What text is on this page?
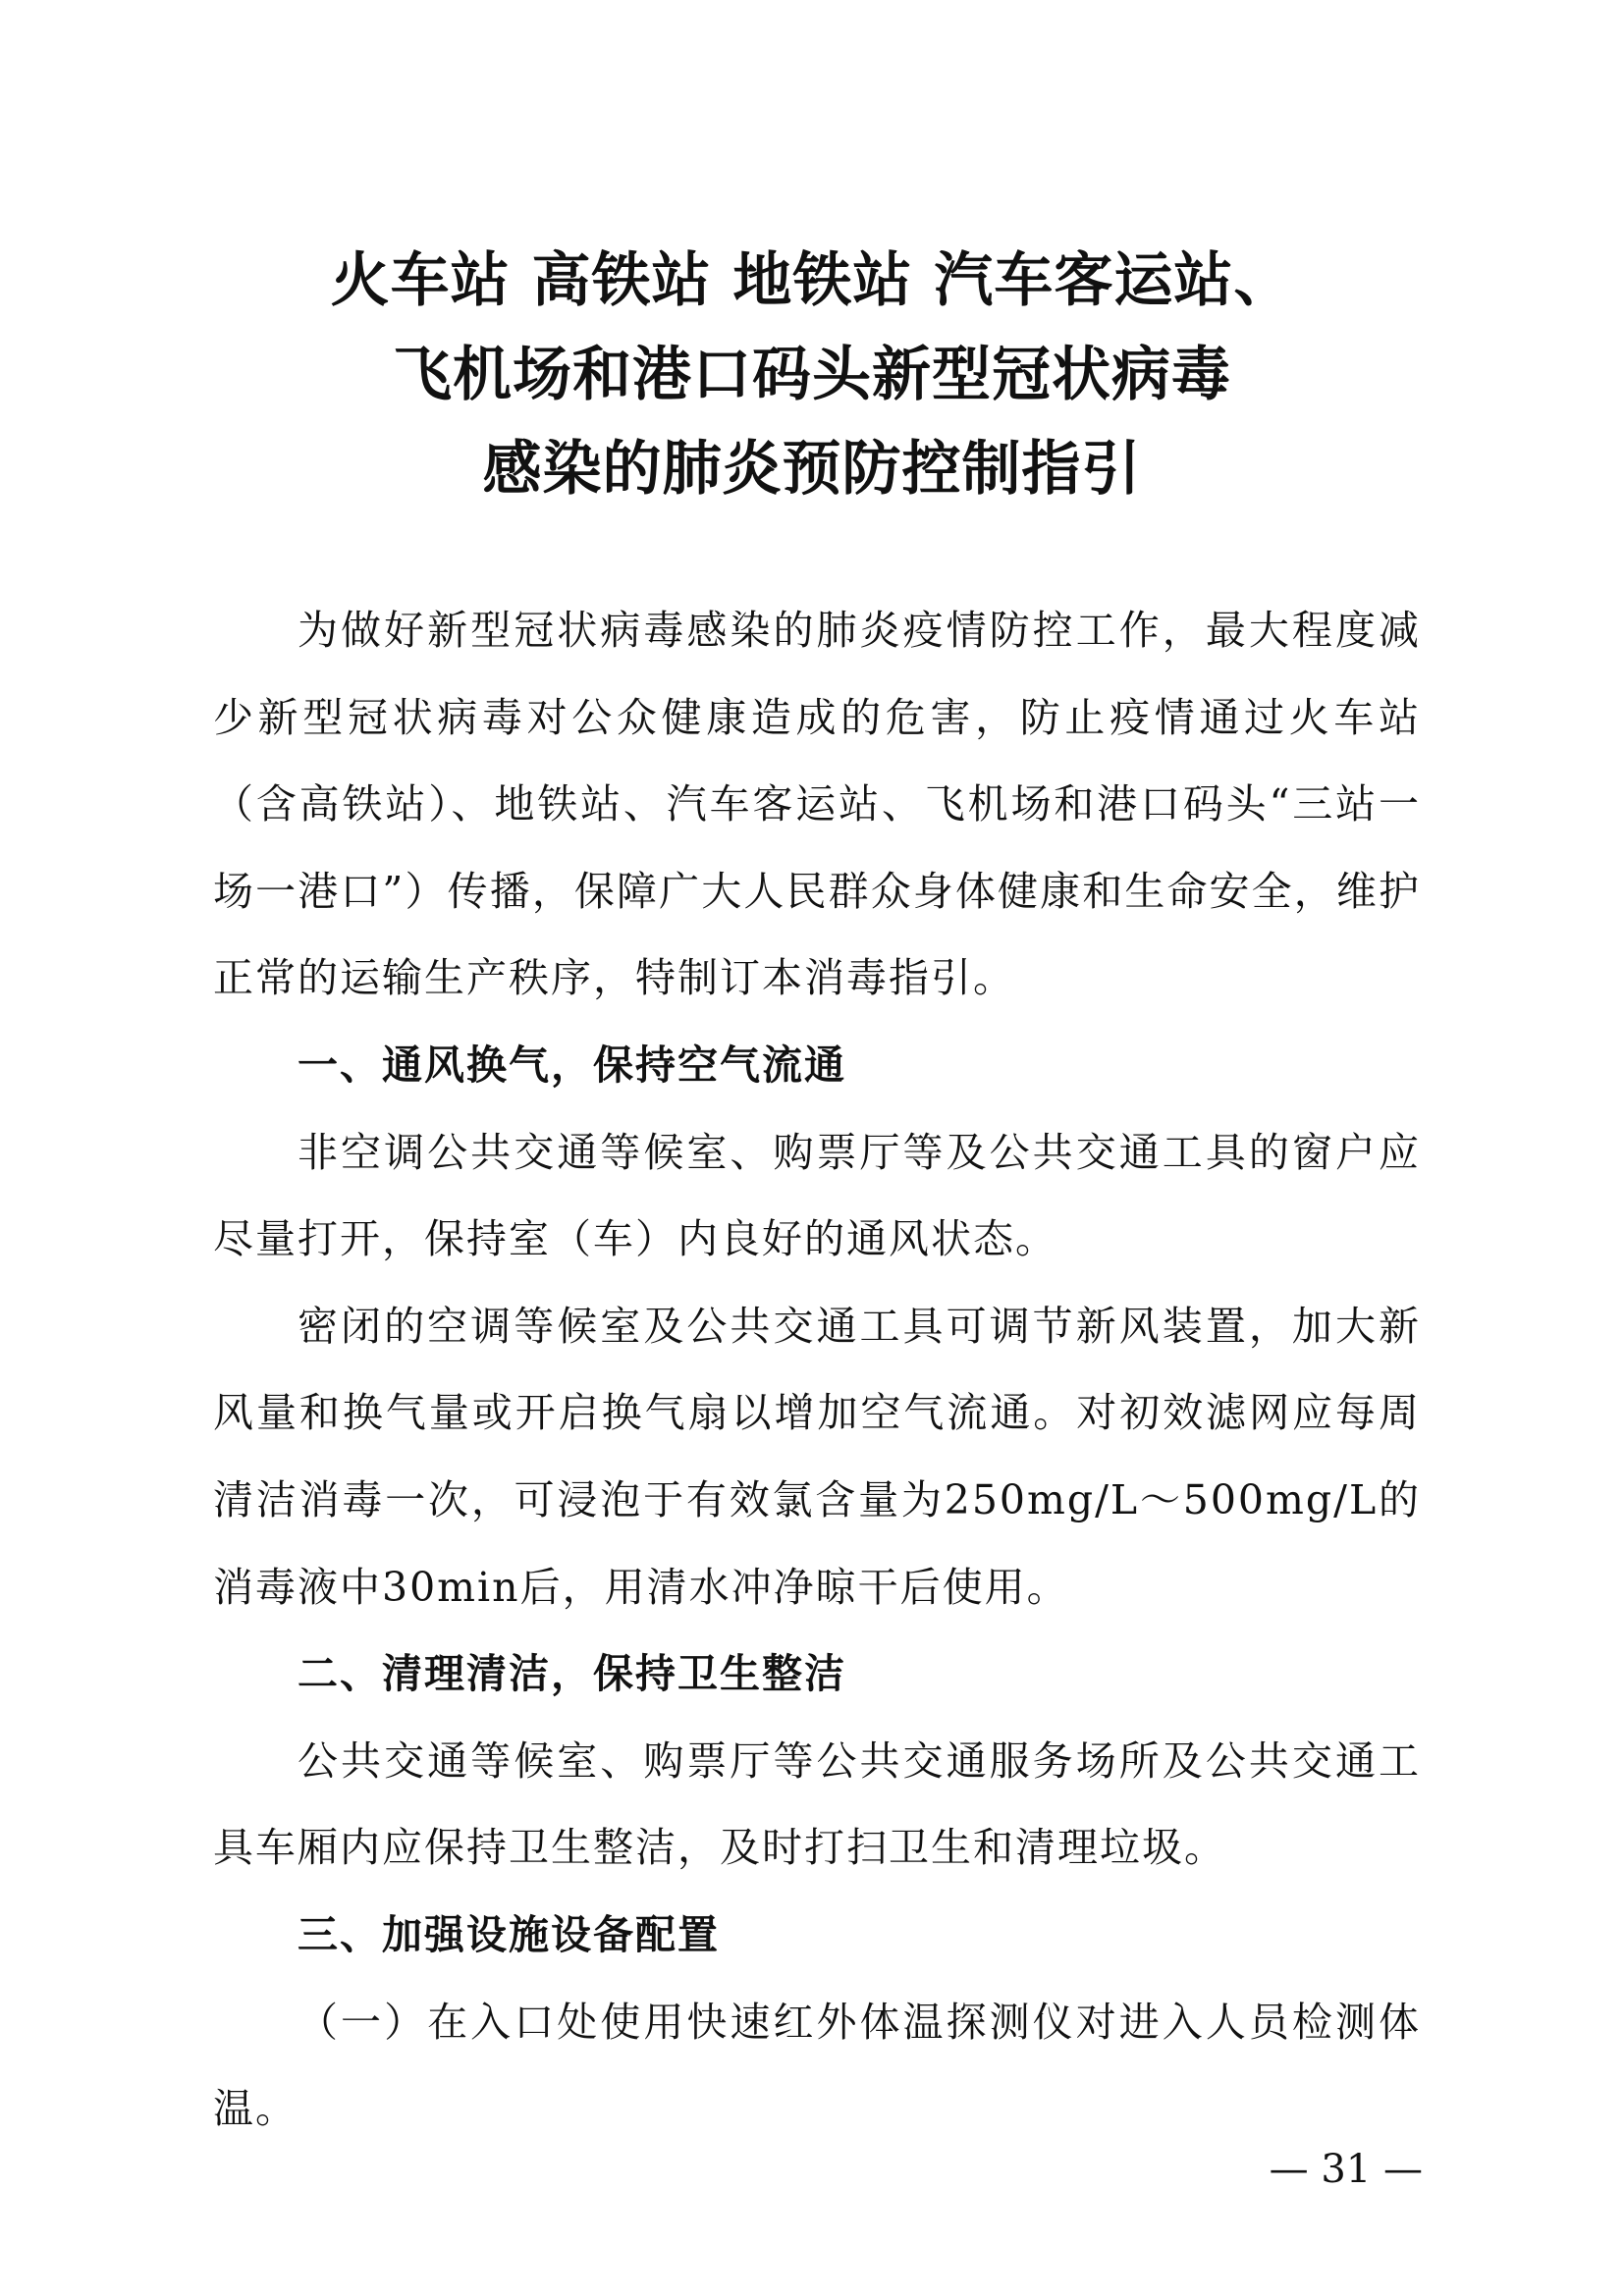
火车站 高铁站 地铁站 汽车客运站、
飞机场和港口码头新型冠状病毒
感染的肺炎预防控制指引

为做好新型冠状病毒感染的肺炎疫情防控工作，最大程度减少新型冠状病毒对公众健康造成的危害，防止疫情通过火车站（含高铁站）、地铁站、汽车客运站、飞机场和港口码头“三站一场一港口”）传播，保障广大人民群众身体健康和生命安全，维护正常的运输生产秩序，特制订本消毒指引。

一、通风换气，保持空气流通

非空调公共交通等候室、购票厅等及公共交通工具的窗户应尽量打开，保持室（车）内良好的通风状态。

密闭的空调等候室及公共交通工具可调节新风装置，加大新风量和换气量或开启换气扇以增加空气流通。对初效滤网应每周清洁消毒一次，可浸泡于有效氯含量为250mg/L～500mg/L的消毒液中30min后，用清水冲净晾干后使用。

二、清理清洁，保持卫生整洁

公共交通等候室、购票厅等公共交通服务场所及公共交通工具车厢内应保持卫生整洁，及时打扫卫生和清理垃圾。

三、加强设施设备配置

（一）在入口处使用快速红外体温探测仪对进入人员检测体温。

— 31 —
